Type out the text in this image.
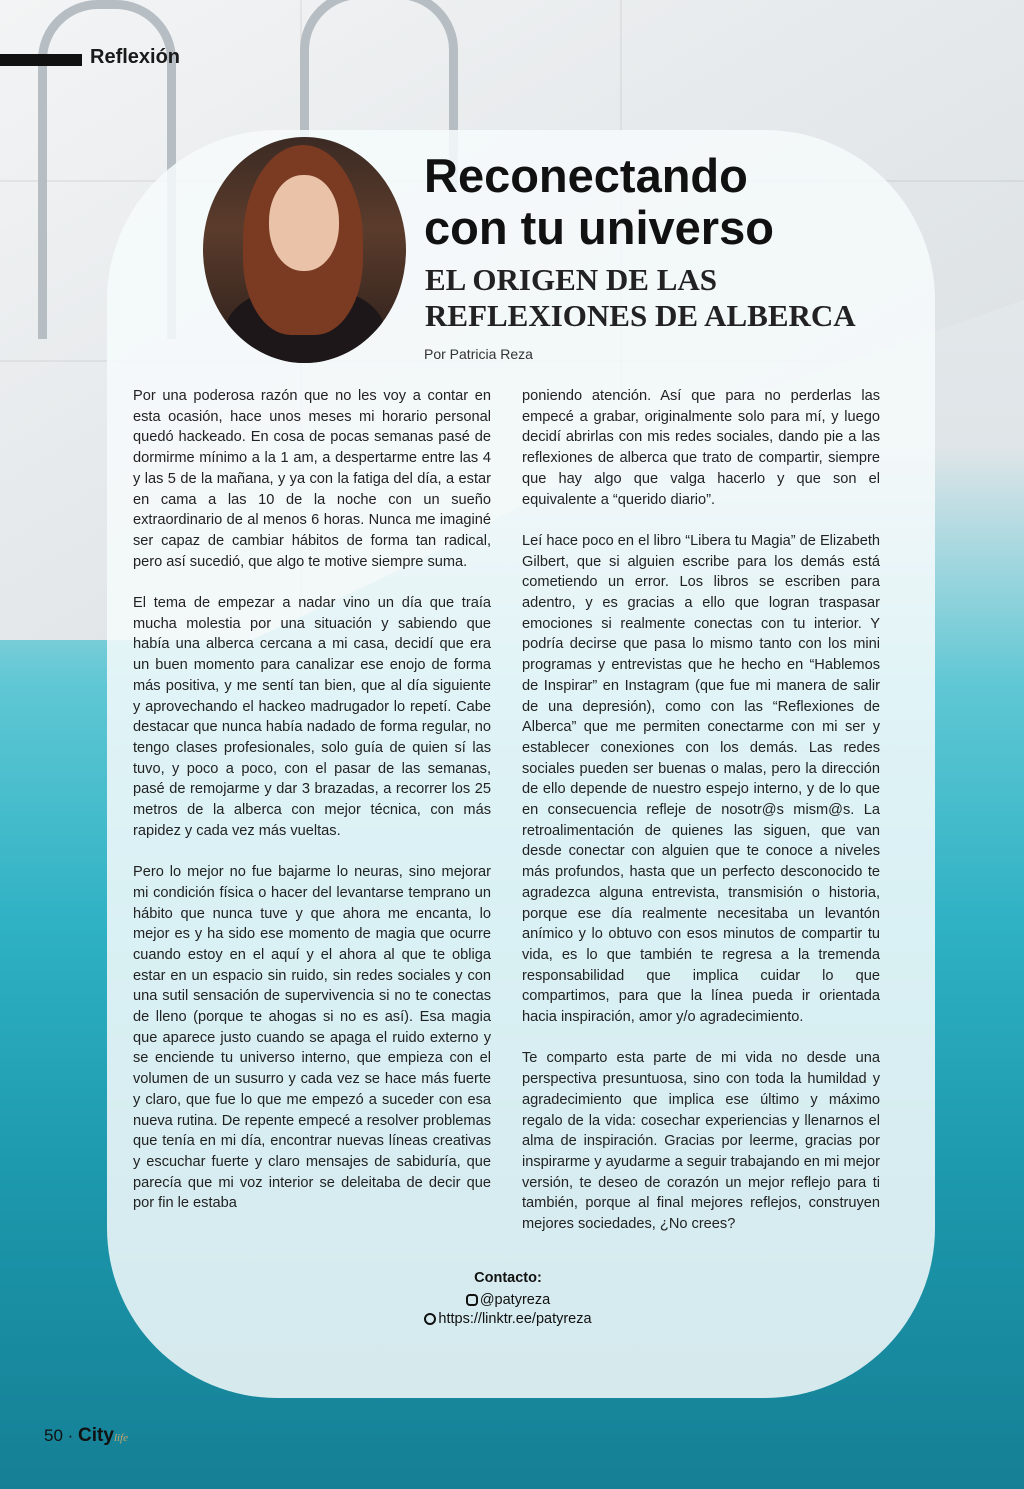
Reflexión
Reconectando
con tu universo
EL ORIGEN DE LAS
REFLEXIONES DE ALBERCA
Por Patricia Reza

Por una poderosa razón que no les voy a contar en esta ocasión, hace unos meses mi horario personal quedó hackeado. En cosa de pocas semanas pasé de dormirme mínimo a la 1 am, a despertarme entre las 4 y las 5 de la mañana, y ya con la fatiga del día, a estar en cama a las 10 de la noche con un sueño extraordinario de al menos 6 horas. Nunca me imaginé ser capaz de cambiar hábitos de forma tan radical, pero así sucedió, que algo te motive siempre suma.

El tema de empezar a nadar vino un día que traía mucha molestia por una situación y sabiendo que había una alberca cercana a mi casa, decidí que era un buen momento para canalizar ese enojo de forma más positiva, y me sentí tan bien, que al día siguiente y aprovechando el hackeo madrugador lo repetí. Cabe destacar que nunca había nadado de forma regular, no tengo clases profesionales, solo guía de quien sí las tuvo, y poco a poco, con el pasar de las semanas, pasé de remojarme y dar 3 brazadas, a recorrer los 25 metros de la alberca con mejor técnica, con más rapidez y cada vez más vueltas.

Pero lo mejor no fue bajarme lo neuras, sino mejorar mi condición física o hacer del levantarse temprano un hábito que nunca tuve y que ahora me encanta, lo mejor es y ha sido ese momento de magia que ocurre cuando estoy en el aquí y el ahora al que te obliga estar en un espacio sin ruido, sin redes sociales y con una sutil sensación de supervivencia si no te conectas de lleno (porque te ahogas si no es así). Esa magia que aparece justo cuando se apaga el ruido externo y se enciende tu universo interno, que empieza con el volumen de un susurro y cada vez se hace más fuerte y claro, que fue lo que me empezó a suceder con esa nueva rutina. De repente empecé a resolver problemas que tenía en mi día, encontrar nuevas líneas creativas y escuchar fuerte y claro mensajes de sabiduría, que parecía que mi voz interior se deleitaba de decir que por fin le estaba

poniendo atención. Así que para no perderlas las empecé a grabar, originalmente solo para mí, y luego decidí abrirlas con mis redes sociales, dando pie a las reflexiones de alberca que trato de compartir, siempre que hay algo que valga hacerlo y que son el equivalente a “querido diario”.

Leí hace poco en el libro “Libera tu Magia” de Elizabeth Gilbert, que si alguien escribe para los demás está cometiendo un error. Los libros se escriben para adentro, y es gracias a ello que logran traspasar emociones si realmente conectas con tu interior. Y podría decirse que pasa lo mismo tanto con los mini programas y entrevistas que he hecho en “Hablemos de Inspirar” en Instagram (que fue mi manera de salir de una depresión), como con las “Reflexiones de Alberca” que me permiten conectarme con mi ser y establecer conexiones con los demás. Las redes sociales pueden ser buenas o malas, pero la dirección de ello depende de nuestro espejo interno, y de lo que en consecuencia refleje de nosotr@s mism@s. La retroalimentación de quienes las siguen, que van desde conectar con alguien que te conoce a niveles más profundos, hasta que un perfecto desconocido te agradezca alguna entrevista, transmisión o historia, porque ese día realmente necesitaba un levantón anímico y lo obtuvo con esos minutos de compartir tu vida, es lo que también te regresa a la tremenda responsabilidad que implica cuidar lo que compartimos, para que la línea pueda ir orientada hacia inspiración, amor y/o agradecimiento.

Te comparto esta parte de mi vida no desde una perspectiva presuntuosa, sino con toda la humildad y agradecimiento que implica ese último y máximo regalo de la vida: cosechar experiencias y llenarnos el alma de inspiración. Gracias por leerme, gracias por inspirarme y ayudarme a seguir trabajando en mi mejor versión, te deseo de corazón un mejor reflejo para ti también, porque al final mejores reflejos, construyen mejores sociedades, ¿No crees?

Contacto:
@patyreza
https://linktr.ee/patyreza
50 · Citylife
